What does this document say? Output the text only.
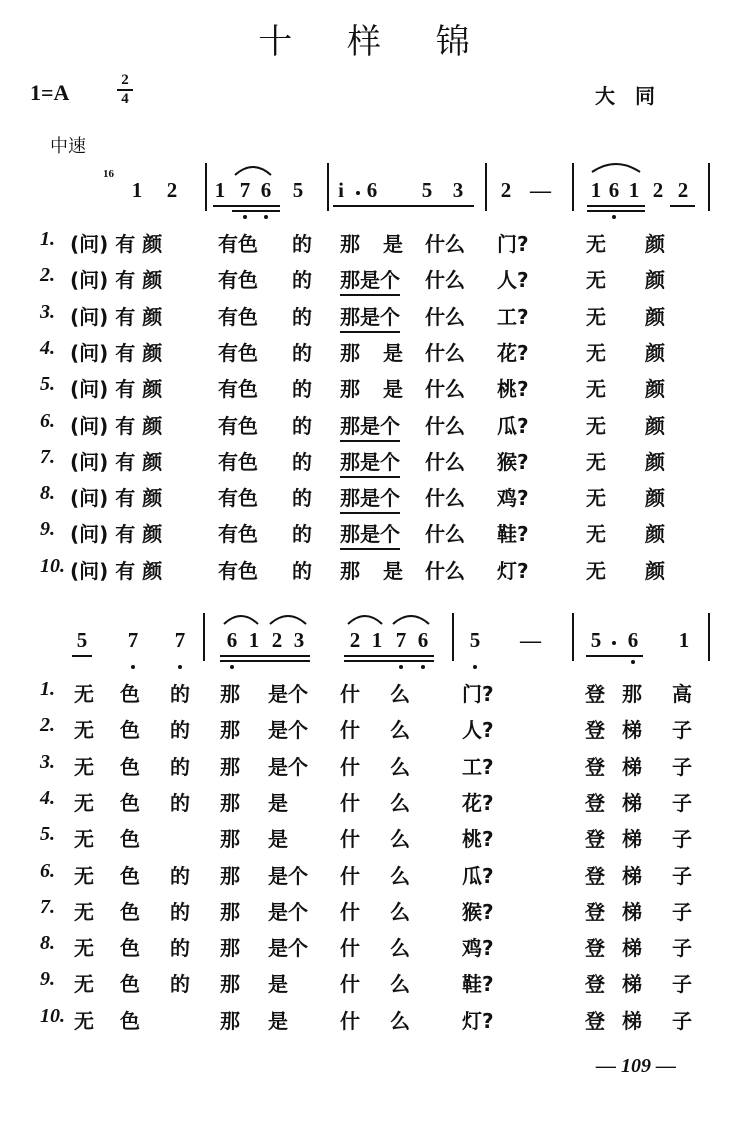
十 样 锦
1=A	2
4	大同
中速
16
1 2 1 7 6 5	i	6 5 3 2 — 1 6 1 2 2
1. (问) 有 颜	有色 的 那 是 什么 门?	无 颜
2. (问) 有 颜	有色 的 那是个 什么 人?	无 颜
3. (问) 有 颜	有色 的 那是个 什么 工?	无 颜
4. (问) 有 颜	有色 的 那 是 什么 花?	无 颜
5. (问) 有 颜	有色 的 那 是 什么 桃?	无 颜
6. (问) 有 颜	有色 的 那是个 什么 瓜?	无 颜
7. (问) 有 颜	有色 的 那是个 什么 猴?	无 颜
8. (问) 有 颜	有色 的 那是个 什么 鸡?	无 颜
9. (问) 有 颜	有色 的 那是个 什么 鞋?	无 颜
10. (问) 有 颜	有色 的 那 是 什么 灯?	无 颜
5 7 7 6 1 2 3 2 1 7 6 5 — 5 6 1
1. 无 色 的 那 是个 什 么	门?	登 那 高
2. 无 色 的 那 是个 什 么	人?	登 梯 子
3. 无 色 的 那 是个 什 么	工?	登 梯 子
4. 无 色 的 那 是	什 么	花?	登 梯 子
5. 无 色	那 是	什 么	桃?	登 梯 子
6. 无 色 的 那 是个 什 么	瓜?	登 梯 子
7. 无 色 的 那 是个 什 么	猴?	登 梯 子
8. 无 色 的 那 是个 什 么	鸡?	登 梯 子
9. 无 色 的 那 是	什 么	鞋?	登 梯 子
10. 无 色	那 是	什 么	灯?	登 梯 子
— 109 —
